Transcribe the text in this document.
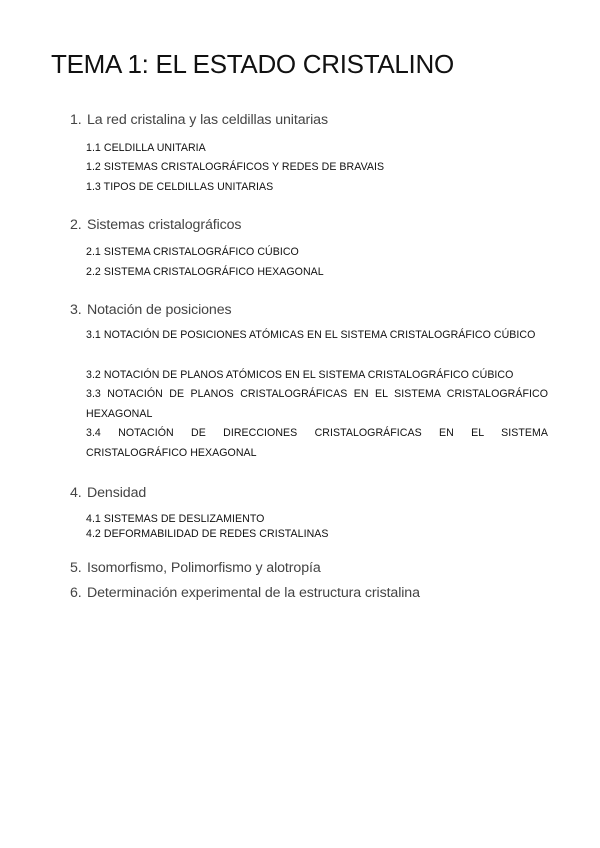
TEMA 1: EL ESTADO CRISTALINO
1. La red cristalina y las celdillas unitarias
1.1 CELDILLA UNITARIA
1.2 SISTEMAS CRISTALOGRÁFICOS Y REDES DE BRAVAIS
1.3 TIPOS DE CELDILLAS UNITARIAS
2. Sistemas cristalográficos
2.1 SISTEMA CRISTALOGRÁFICO CÚBICO
2.2 SISTEMA CRISTALOGRÁFICO HEXAGONAL
3. Notación de posiciones
3.1 NOTACIÓN DE POSICIONES ATÓMICAS EN EL SISTEMA CRISTALOGRÁFICO CÚBICO
3.2 NOTACIÓN DE PLANOS ATÓMICOS EN EL SISTEMA CRISTALOGRÁFICO CÚBICO
3.3 NOTACIÓN DE PLANOS CRISTALOGRÁFICAS EN EL SISTEMA CRISTALOGRÁFICO HEXAGONAL
3.4 NOTACIÓN DE DIRECCIONES CRISTALOGRÁFICAS EN EL SISTEMA CRISTALOGRÁFICO HEXAGONAL
4. Densidad
4.1 SISTEMAS DE DESLIZAMIENTO
4.2 DEFORMABILIDAD DE REDES CRISTALINAS
5. Isomorfismo, Polimorfismo y alotropía
6. Determinación experimental de la estructura cristalina
